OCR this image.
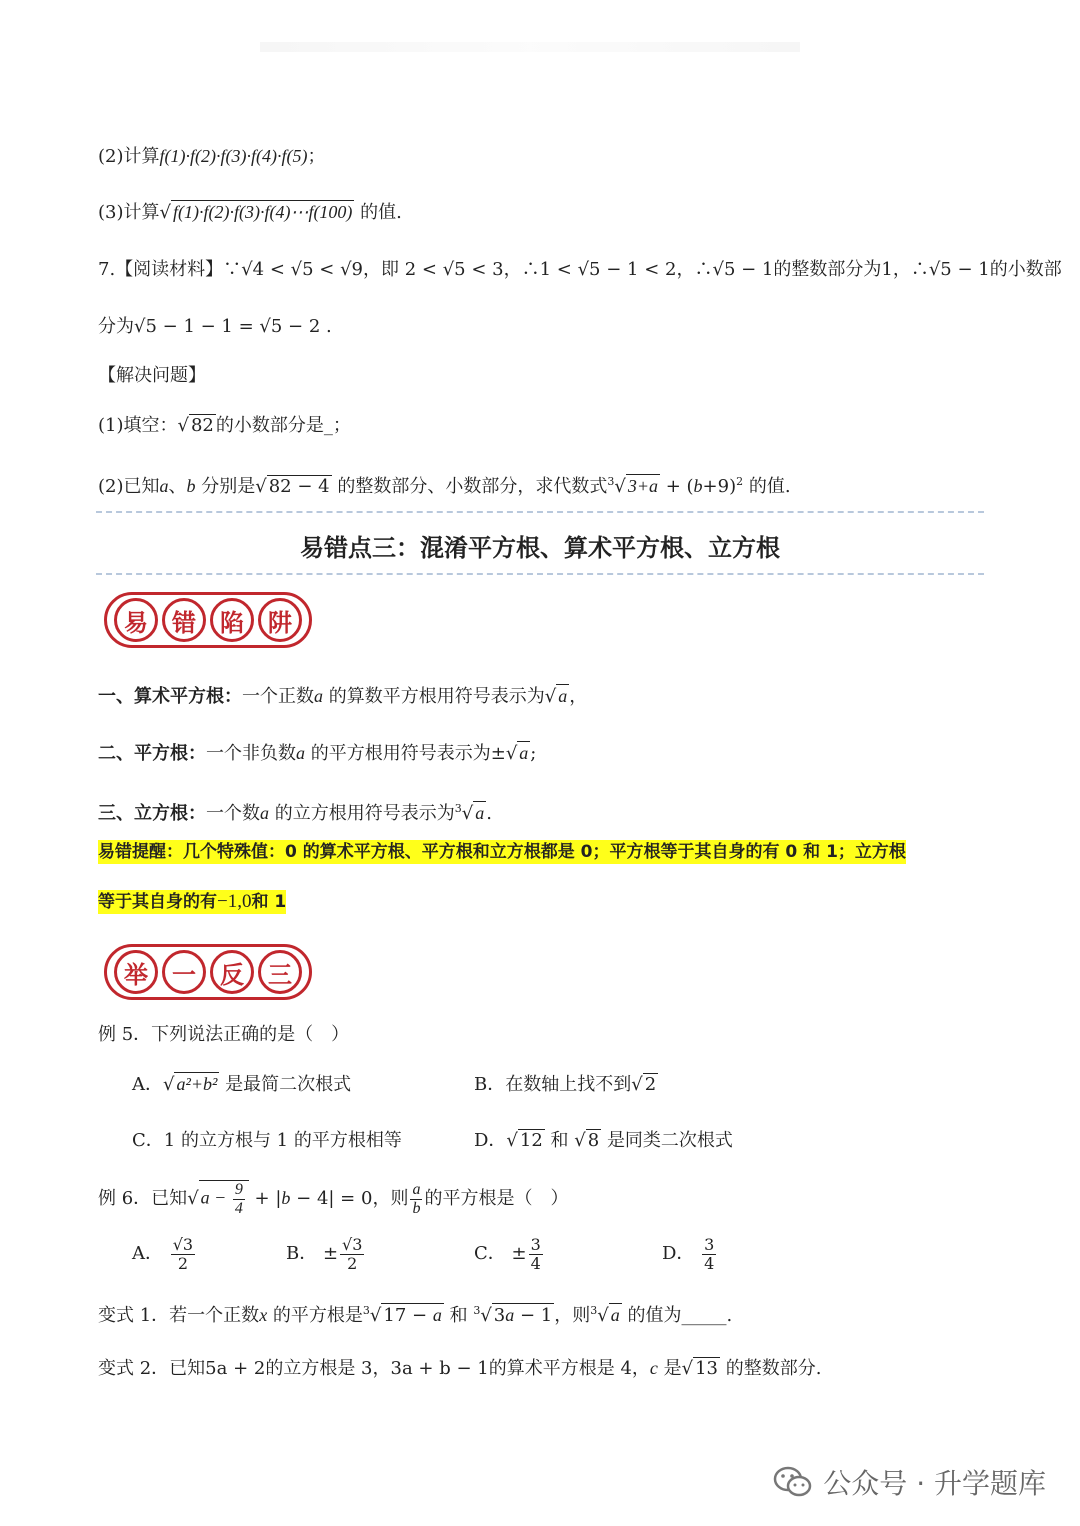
(2)计算f(1)·f(2)·f(3)·f(4)·f(5)；
(3)计算√ f(1)·f(2)·f(3)·f(4)⋯f(100) 的值.
7.【阅读材料】∵√4 < √5 < √9，即 2 < √5 < 3，∴1 < √5 − 1 < 2，∴√5 − 1的整数部分为1，∴√5 − 1的小数部
分为√5 − 1 − 1 = √5 − 2 .
【解决问题】
(1)填空：√ 82 的小数部分是_；
(2)已知a、b 分别是√ 82 − 4 的整数部分、小数部分，求代数式$^3$√ $3+a + (b+9)^2$ 的值.
易错点三：混淆平方根、算术平方根、立方根
易	错	陷	阱
一、算术平方根：一个正数a 的算数平方根用符号表示为√ a ，
二、平方根：一个非负数a 的平方根用符号表示为±√ a ;
三、立方根：一个数a 的立方根用符号表示为$^3$√ a .
易错提醒：几个特殊值：0 的算术平方根、平方根和立方根都是 0；平方根等于其自身的有 0 和 1；立方根
等于其自身的有−1,0和 1
举	一	反	三
例 5．下列说法正确的是（　）
A．√ a²+b² 是最简二次根式	B．在数轴上找不到√ 2
C．1 的立方根与 1 的平方根相等	D．√ 12 和 √ 8 是同类二次根式
例 6．已知√ $a - \frac{9}{4} + |b - 4| = 0$，则 $\frac{a}{b}$ 的平方根是（　）
A． $\frac{√3}{2}$	B． ± $\frac{√3}{2}$	C． ± $\frac{3}{4}$	D． $\frac{3}{4}$
变式 1．若一个正数x 的平方根是$^3$√ 17 − a 和 $^3$√ 3a − 1 ，则$^3$√ a 的值为_____.
变式 2．已知5a + 2的立方根是 3，3a + b − 1的算术平方根是 4，c 是√ 13 的整数部分.
公众号 · 升学题库
